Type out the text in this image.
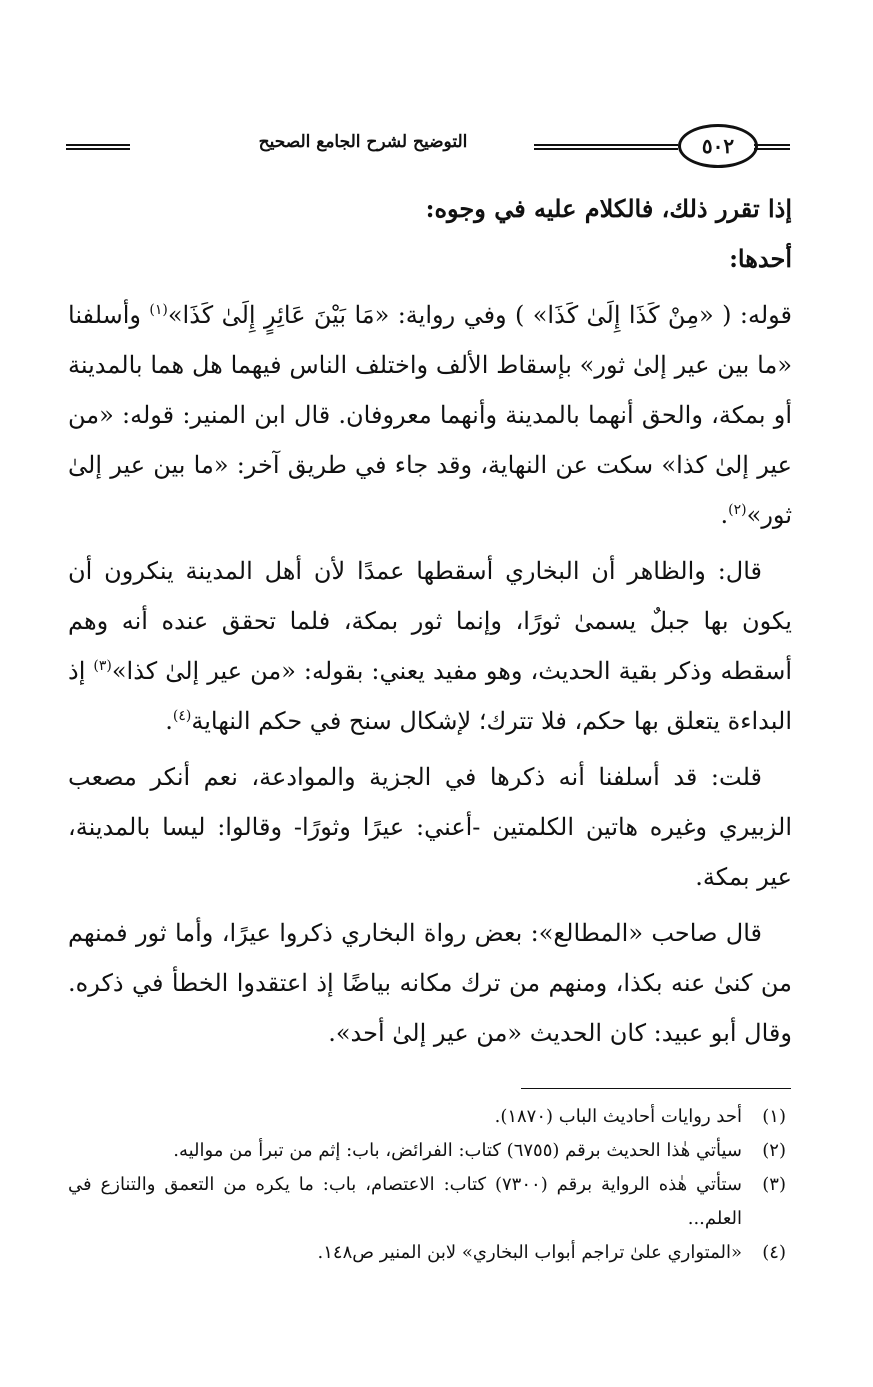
٥٠٢
التوضيح لشرح الجامع الصحيح

إذا تقرر ذلك، فالكلام عليه في وجوه:

أحدها:

قوله: ( «مِنْ كَذَا إِلَىٰ كَذَا» ) وفي رواية: «مَا بَيْنَ عَائِرٍ إِلَىٰ كَذَا»$^{(١)}$ وأسلفنا «ما بين عير إلىٰ ثور» بإسقاط الألف واختلف الناس فيهما هل هما بالمدينة أو بمكة، والحق أنهما بالمدينة وأنهما معروفان. قال ابن المنير: قوله: «من عير إلىٰ كذا» سكت عن النهاية، وقد جاء في طريق آخر: «ما بين عير إلىٰ ثور»$^{(٢)}$.

قال: والظاهر أن البخاري أسقطها عمدًا لأن أهل المدينة ينكرون أن يكون بها جبلٌ يسمىٰ ثورًا، وإنما ثور بمكة، فلما تحقق عنده أنه وهم أسقطه وذكر بقية الحديث، وهو مفيد يعني: بقوله: «من عير إلىٰ كذا»$^{(٣)}$ إذ البداءة يتعلق بها حكم، فلا تترك؛ لإشكال سنح في حكم النهاية$^{(٤)}$.

قلت: قد أسلفنا أنه ذكرها في الجزية والموادعة، نعم أنكر مصعب الزبيري وغيره هاتين الكلمتين -أعني: عيرًا وثورًا- وقالوا: ليسا بالمدينة، عير بمكة.

قال صاحب «المطالع»: بعض رواة البخاري ذكروا عيرًا، وأما ثور فمنهم من كنىٰ عنه بكذا، ومنهم من ترك مكانه بياضًا إذ اعتقدوا الخطأ في ذكره. وقال أبو عبيد: كان الحديث «من عير إلىٰ أحد».

(١)
أحد روايات أحاديث الباب (١٨٧٠).
(٢)
سيأتي هٰذا الحديث برقم (٦٧٥٥) كتاب: الفرائض، باب: إثم من تبرأ من مواليه.
(٣)
ستأتي هٰذه الرواية برقم (٧٣٠٠) كتاب: الاعتصام، باب: ما يكره من التعمق والتنازع في العلم...
(٤)
«المتواري علىٰ تراجم أبواب البخاري» لابن المنير ص١٤٨.
